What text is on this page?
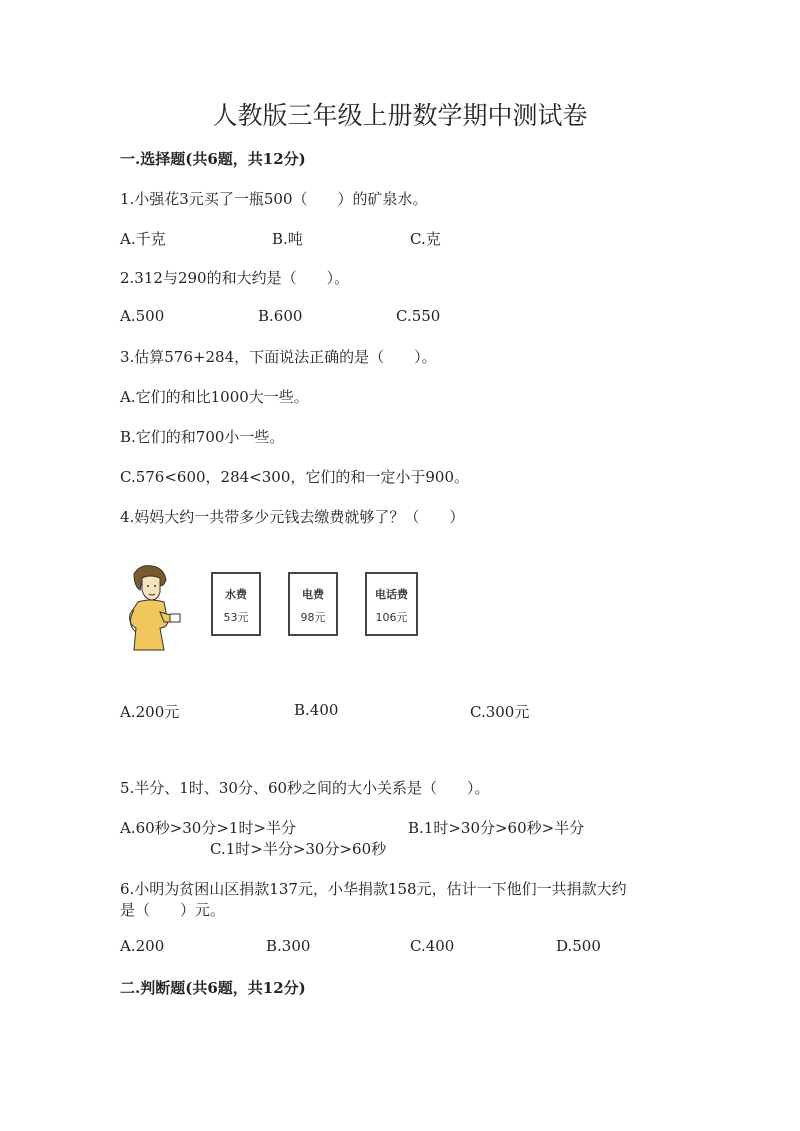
人教版三年级上册数学期中测试卷
一.选择题(共6题，共12分)
1.小强花3元买了一瓶500（　　）的矿泉水。
A.千克	B.吨	C.克
2.312与290的和大约是（　　）。
A.500	B.600	C.550
3.估算576+284，下面说法正确的是（　　）。
A.它们的和比1000大一些。
B.它们的和700小一些。
C.576<600，284<300，它们的和一定小于900。
4.妈妈大约一共带多少元钱去缴费就够了？（　　）
水费
53元
电费
98元
电话费
106元
A.200元	B.400	C.300元
5.半分、1时、30分、60秒之间的大小关系是（　　）。
A.60秒>30分>1时>半分	B.1时>30分>60秒>半分
C.1时>半分>30分>60秒
6.小明为贫困山区捐款137元，小华捐款158元，估计一下他们一共捐款大约
是（　　）元。
A.200	B.300	C.400	D.500
二.判断题(共6题，共12分)
